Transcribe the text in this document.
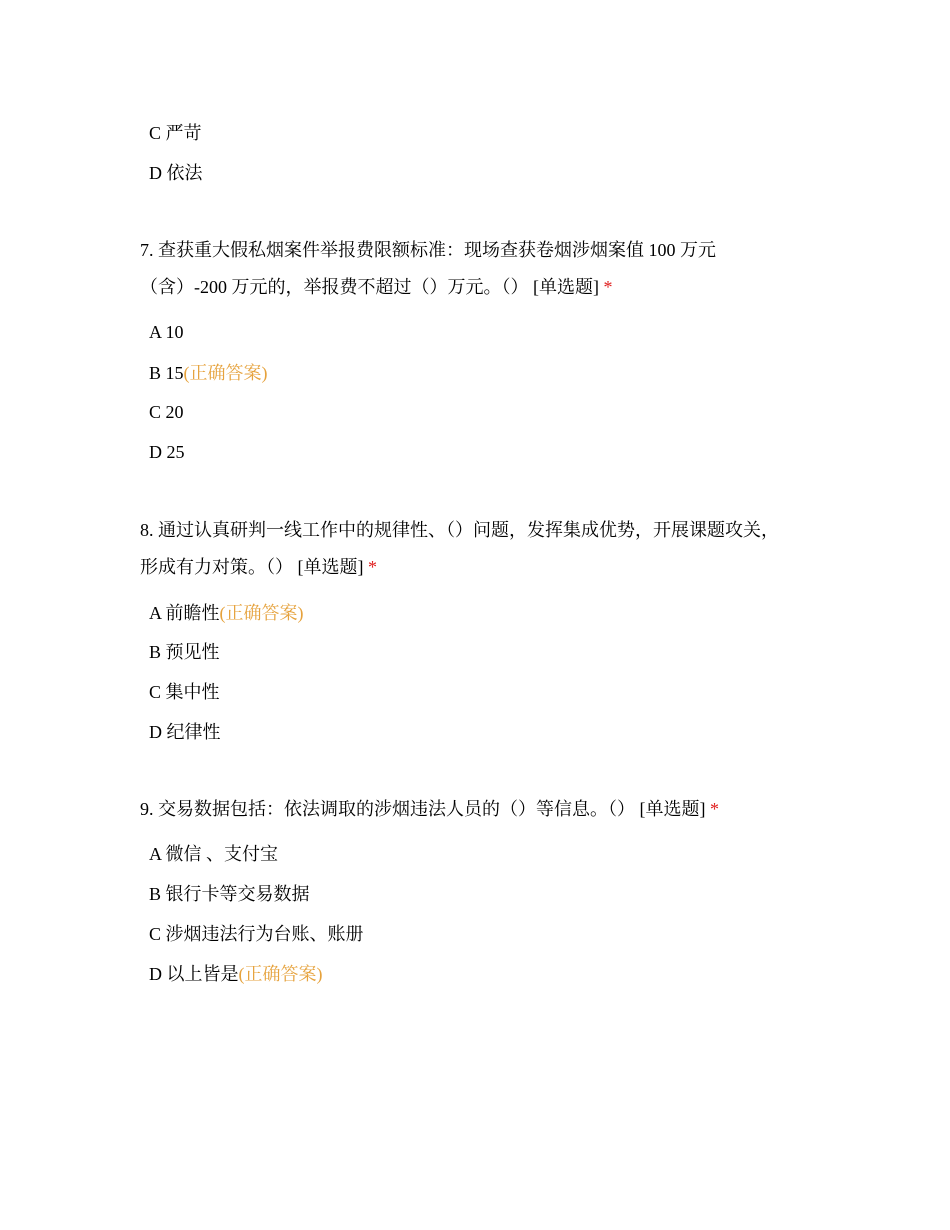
C 严苛
D 依法
7. 查获重大假私烟案件举报费限额标准：现场查获卷烟涉烟案值 100 万元
（含）-200 万元的，举报费不超过（）万元。（） [单选题] *
A 10
B 15(正确答案)
C 20
D 25
8. 通过认真研判一线工作中的规律性、（）问题，发挥集成优势，开展课题攻关，
形成有力对策。（） [单选题] *
A 前瞻性(正确答案)
B 预见性
C 集中性
D 纪律性
9. 交易数据包括：依法调取的涉烟违法人员的（）等信息。（） [单选题] *
A 微信 、支付宝
B 银行卡等交易数据
C 涉烟违法行为台账、账册
D 以上皆是(正确答案)
